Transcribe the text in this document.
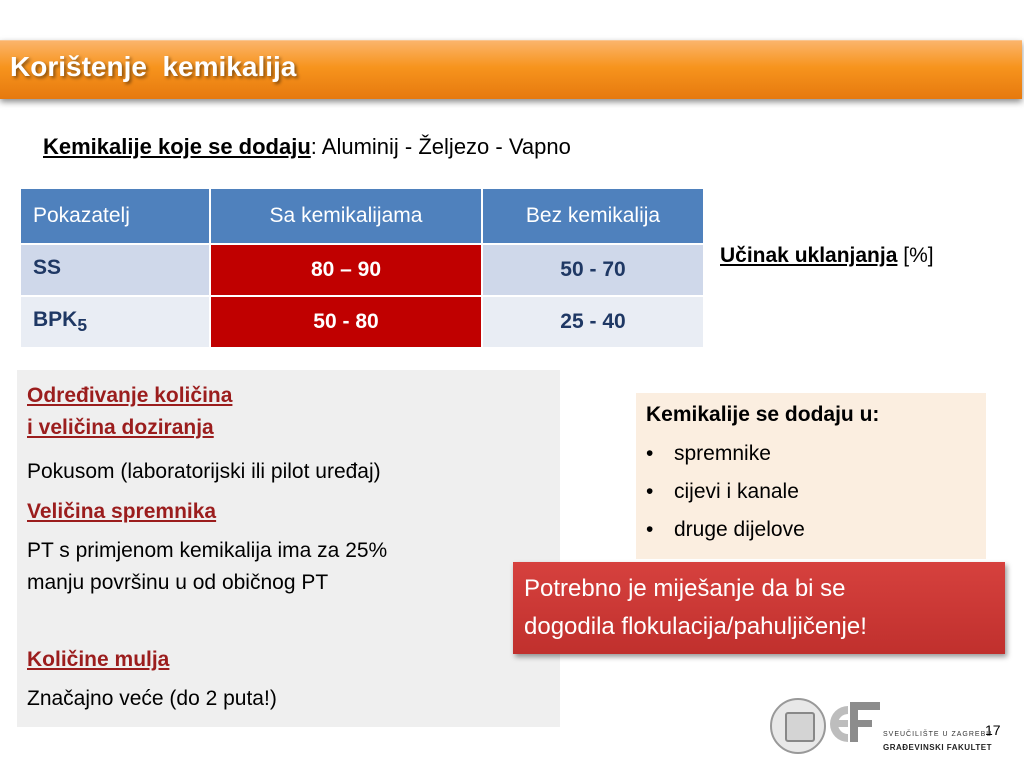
Korištenje  kemikalija
Kemikalije koje se dodaju: Aluminij - Željezo - Vapno
Pokazatelj	Sa kemikalijama	Bez kemikalija
SS	80 – 90	50 - 70
$BPK_5$	50 - 80	25 - 40
Učinak uklanjanja [%]
Određivanje količina
i veličina doziranja
Pokusom (laboratorijski ili pilot uređaj)
Veličina spremnika
PT s primjenom kemikalija ima za 25%
manju površinu u od običnog PT
Količine mulja
Značajno veće (do 2 puta!)
Kemikalije se dodaju u:
• spremnike
• cijevi i kanale
• druge dijelove
Potrebno je miješanje da bi se
dogodila flokulacija/pahuljičenje!
SVEUČILIŠTE U ZAGREBU
GRAĐEVINSKI FAKULTET
17
